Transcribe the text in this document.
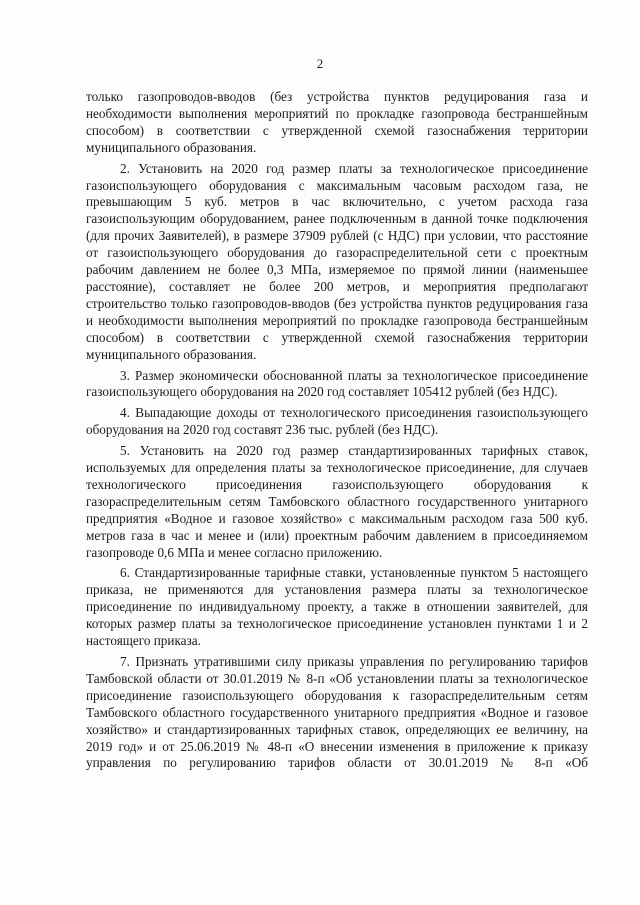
2

только газопроводов-вводов (без устройства пунктов редуцирования газа и необходимости выполнения мероприятий по прокладке газопровода бестраншейным способом) в соответствии с утвержденной схемой газоснабжения территории муниципального образования.

2. Установить на 2020 год размер платы за технологическое присоединение газоиспользующего оборудования с максимальным часовым расходом газа, не превышающим 5 куб. метров в час включительно, с учетом расхода газа газоиспользующим оборудованием, ранее подключенным в данной точке подключения (для прочих Заявителей), в размере 37909 рублей (с НДС) при условии, что расстояние от газоиспользующего оборудования до газораспределительной сети с проектным рабочим давлением не более 0,3 МПа, измеряемое по прямой линии (наименьшее расстояние), составляет не более 200 метров, и мероприятия предполагают строительство только газопроводов-вводов (без устройства пунктов редуцирования газа и необходимости выполнения мероприятий по прокладке газопровода бестраншейным способом) в соответствии с утвержденной схемой газоснабжения территории муниципального образования.

3. Размер экономически обоснованной платы за технологическое присоединение газоиспользующего оборудования на 2020 год составляет 105412 рублей (без НДС).

4. Выпадающие доходы от технологического присоединения газоиспользующего оборудования на 2020 год составят 236 тыс. рублей (без НДС).

5. Установить на 2020 год размер стандартизированных тарифных ставок, используемых для определения платы за технологическое присоединение, для случаев технологического присоединения газоиспользующего оборудования к газораспределительным сетям Тамбовского областного государственного унитарного предприятия «Водное и газовое хозяйство» с максимальным расходом газа 500 куб. метров газа в час и менее и (или) проектным рабочим давлением в присоединяемом газопроводе 0,6 МПа и менее согласно приложению.

6. Стандартизированные тарифные ставки, установленные пунктом 5 настоящего приказа, не применяются для установления размера платы за технологическое присоединение по индивидуальному проекту, а также в отношении заявителей, для которых размер платы за технологическое присоединение установлен пунктами 1 и 2 настоящего приказа.

7. Признать утратившими силу приказы управления по регулированию тарифов Тамбовской области от 30.01.2019 № 8-п «Об установлении платы за технологическое присоединение газоиспользующего оборудования к газораспределительным сетям Тамбовского областного государственного унитарного предприятия «Водное и газовое хозяйство» и стандартизированных тарифных ставок, определяющих ее величину, на 2019 год» и от 25.06.2019 № 48-п «О внесении изменения в приложение к приказу управления по регулированию тарифов области от 30.01.2019 № 8-п «Об
